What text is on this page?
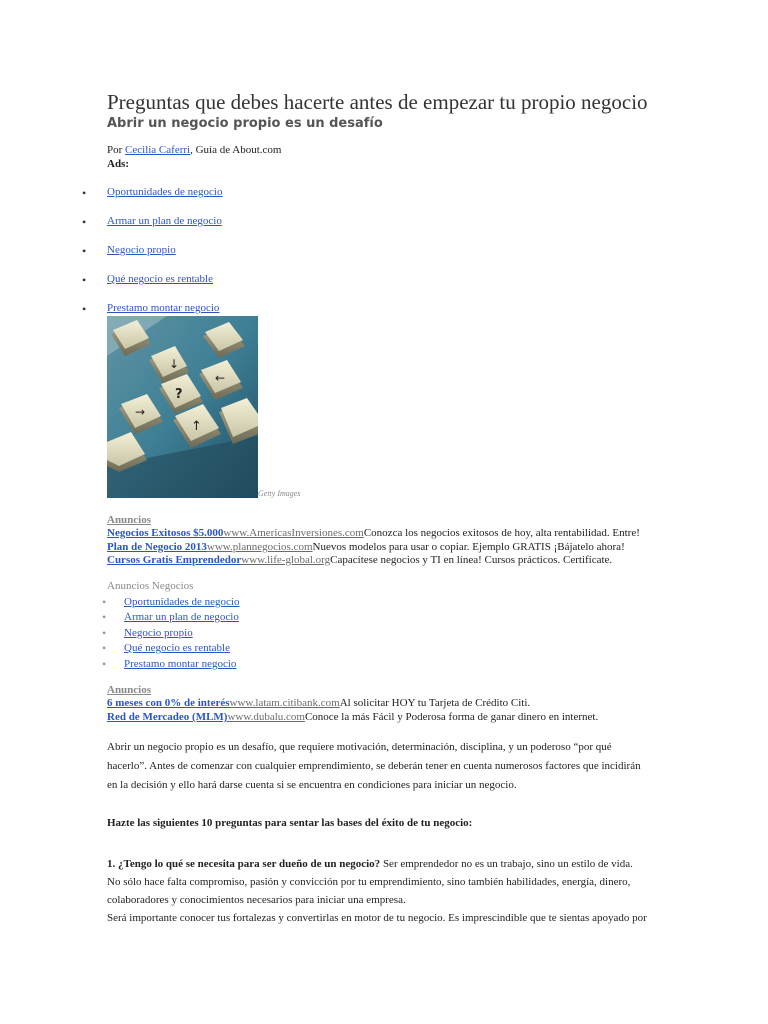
Preguntas que debes hacerte antes de empezar tu propio negocio
Abrir un negocio propio es un desafío
Por Cecilia Caferri, Guía de About.com
Ads:
• Oportunidades de negocio
• Armar un plan de negocio
• Negocio propio
• Qué negocio es rentable
• Prestamo montar negocio
↓
←
?
→
↑
Getty Images
Anuncios
Negocios Exitosos $5.000www.AmericasInversiones.comConozca los negocios exitosos de hoy, alta rentabilidad. Entre!
Plan de Negocio 2013www.plannegocios.comNuevos modelos para usar o copiar. Ejemplo GRATIS ¡Bájatelo ahora!
Cursos Gratis Emprendedorwww.life-global.orgCapacítese negocios y TI en línea! Cursos prácticos. Certifícate.
Anuncios Negocios
• Oportunidades de negocio
• Armar un plan de negocio
• Negocio propio
• Qué negocio es rentable
• Prestamo montar negocio
Anuncios
6 meses con 0% de interéswww.latam.citibank.comAl solicitar HOY tu Tarjeta de Crédito Citi.
Red de Mercadeo (MLM)www.dubalu.comConoce la más Fácil y Poderosa forma de ganar dinero en internet.
Abrir un negocio propio es un desafío, que requiere motivación, determinación, disciplina, y un poderoso “por qué
hacerlo”. Antes de comenzar con cualquier emprendimiento, se deberán tener en cuenta numerosos factores que incidirán
en la decisión y ello hará darse cuenta si se encuentra en condiciones para iniciar un negocio.
Hazte las siguientes 10 preguntas para sentar las bases del éxito de tu negocio:
1. ¿Tengo lo qué se necesita para ser dueño de un negocio? Ser emprendedor no es un trabajo, sino un estilo de vida.
No sólo hace falta compromiso, pasión y convicción por tu emprendimiento, sino también habilidades, energía, dinero,
colaboradores y conocimientos necesarios para iniciar una empresa.
Será importante conocer tus fortalezas y convertirlas en motor de tu negocio. Es imprescindible que te sientas apoyado por
